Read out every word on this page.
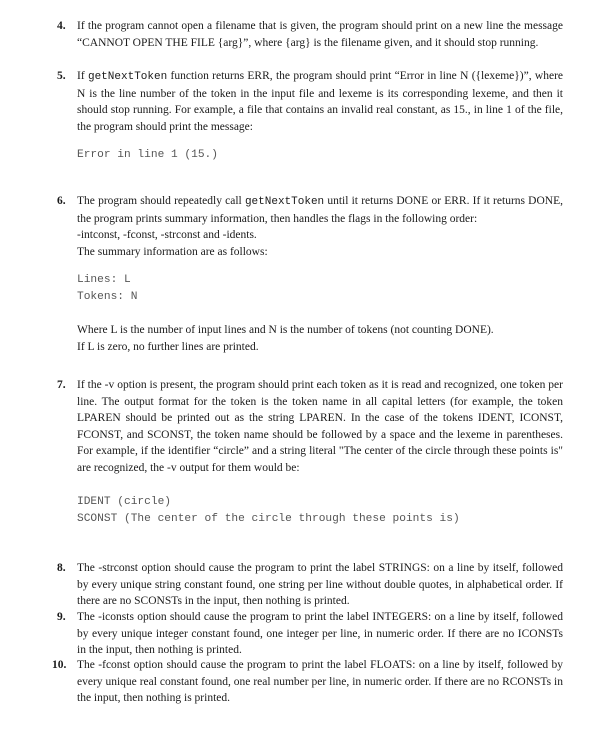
4. If the program cannot open a filename that is given, the program should print on a new line the message “CANNOT OPEN THE FILE {arg}”, where {arg} is the filename given, and it should stop running.

5. If getNextToken function returns ERR, the program should print “Error in line N ({lexeme})”, where N is the line number of the token in the input file and lexeme is its corresponding lexeme, and then it should stop running. For example, a file that contains an invalid real constant, as 15., in line 1 of the file, the program should print the message:

Error in line 1 (15.)
6. The program should repeatedly call getNextToken until it returns DONE or ERR. If it returns DONE, the program prints summary information, then handles the flags in the following order:

-intconst, -fconst, -strconst and -idents.

The summary information are as follows:

Lines: L
Tokens: N

Where L is the number of input lines and N is the number of tokens (not counting DONE).

If L is zero, no further lines are printed.

7. If the -v option is present, the program should print each token as it is read and recognized, one token per line. The output format for the token is the token name in all capital letters (for example, the token LPAREN should be printed out as the string LPAREN. In the case of the tokens IDENT, ICONST, FCONST, and SCONST, the token name should be followed by a space and the lexeme in parentheses. For example, if the identifier “circle” and a string literal "The center of the circle through these points is" are recognized, the -v output for them would be:

IDENT (circle)
SCONST (The center of the circle through these points is)
8. The -strconst option should cause the program to print the label STRINGS: on a line by itself, followed by every unique string constant found, one string per line without double quotes, in alphabetical order. If there are no SCONSTs in the input, then nothing is printed.

9. The -iconsts option should cause the program to print the label INTEGERS: on a line by itself, followed by every unique integer constant found, one integer per line, in numeric order. If there are no ICONSTs in the input, then nothing is printed.

10. The -fconst option should cause the program to print the label FLOATS: on a line by itself, followed by every unique real constant found, one real number per line, in numeric order. If there are no RCONSTs in the input, then nothing is printed.
